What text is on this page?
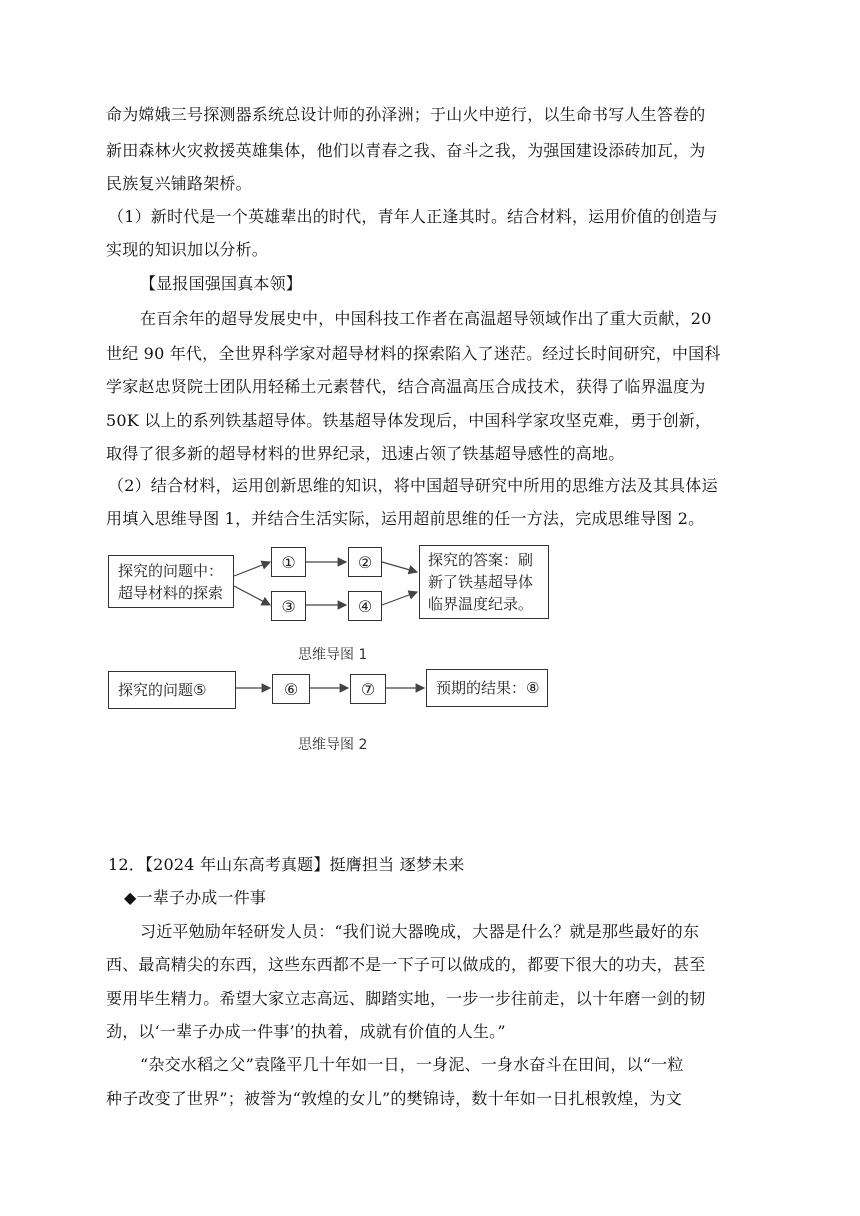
命为嫦娥三号探测器系统总设计师的孙泽洲；于山火中逆行，以生命书写人生答卷的
新田森林火灾救援英雄集体，他们以青春之我、奋斗之我，为强国建设添砖加瓦，为
民族复兴铺路架桥。
（1）新时代是一个英雄辈出的时代，青年人正逢其时。结合材料，运用价值的创造与
实现的知识加以分析。
【显报国强国真本领】
在百余年的超导发展史中，中国科技工作者在高温超导领域作出了重大贡献，20
世纪 90 年代，全世界科学家对超导材料的探索陷入了迷茫。经过长时间研究，中国科
学家赵忠贤院士团队用轻稀土元素替代，结合高温高压合成技术，获得了临界温度为
50K 以上的系列铁基超导体。铁基超导体发现后，中国科学家攻坚克难，勇于创新，
取得了很多新的超导材料的世界纪录，迅速占领了铁基超导感性的高地。
（2）结合材料，运用创新思维的知识，将中国超导研究中所用的思维方法及其具体运
用填入思维导图 1，并结合生活实际，运用超前思维的任一方法，完成思维导图 2。
探究的问题中：
超导材料的探索
①	②
③	④
探究的答案：刷
新了铁基超导体
临界温度纪录。
思维导图 1
探究的问题⑤	⑥	⑦	预期的结果：⑧
思维导图 2
12．【2024 年山东高考真题】挺膺担当 逐梦未来
◆一辈子办成一件事
习近平勉励年轻研发人员：“我们说大器晚成，大器是什么？就是那些最好的东
西、最高精尖的东西，这些东西都不是一下子可以做成的，都要下很大的功夫，甚至
要用毕生精力。希望大家立志高远、脚踏实地，一步一步往前走，以十年磨一剑的韧
劲，以‘一辈子办成一件事’的执着，成就有价值的人生。”
“杂交水稻之父”袁隆平几十年如一日，一身泥、一身水奋斗在田间，以“一粒
种子改变了世界”；被誉为“敦煌的女儿”的樊锦诗，数十年如一日扎根敦煌，为文
